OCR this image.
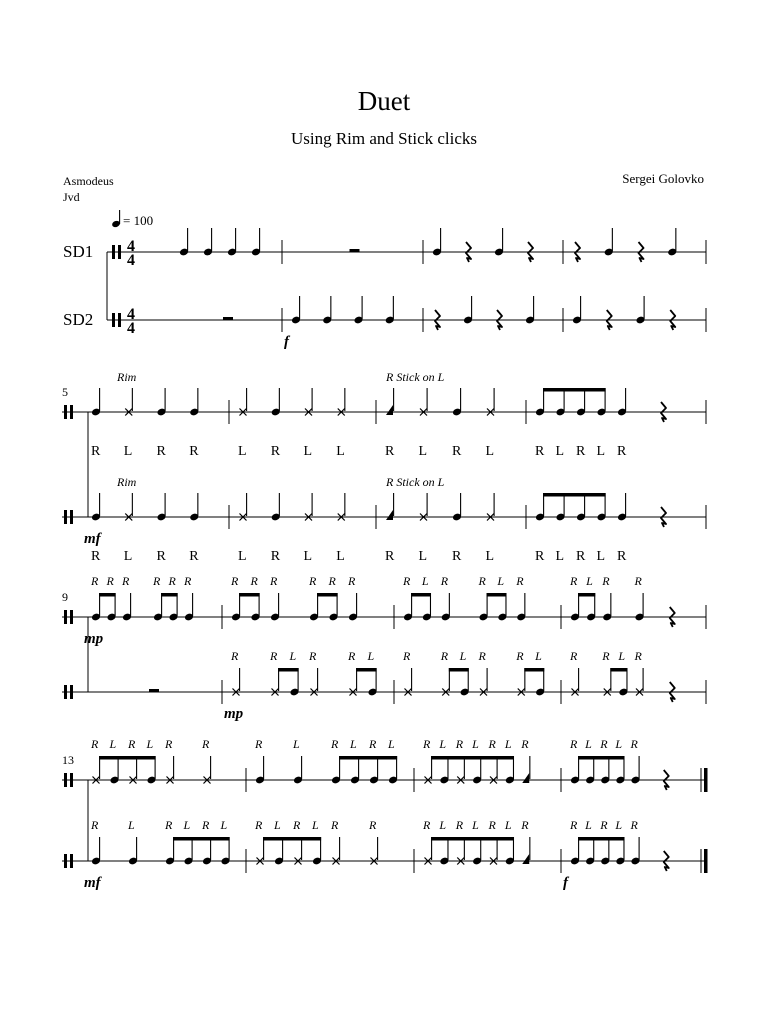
Duet
Using Rim and Stick clicks
Sergei Golovko
Asmodeus
Jvd
= 100
SD1
SD2
4
4
4
4
f
5
Rim	R Stick on L
R L R R	L R L L	R L R L	R L R L R
Rim	R Stick on L
R L R R	L R L L	R L R L	R L R L R
mf
9
R R R R R R	R R R	R R R	R L R	R L R	R L R R
mp
R	R L R	R L R	R L R	R L R R L R
mp
13
R L R L R R	R	L	R L R L R L R L R L R	R L R L R
R L	R L R L R L R L R	R	R L R L R L R	R L R L R
mf	f
